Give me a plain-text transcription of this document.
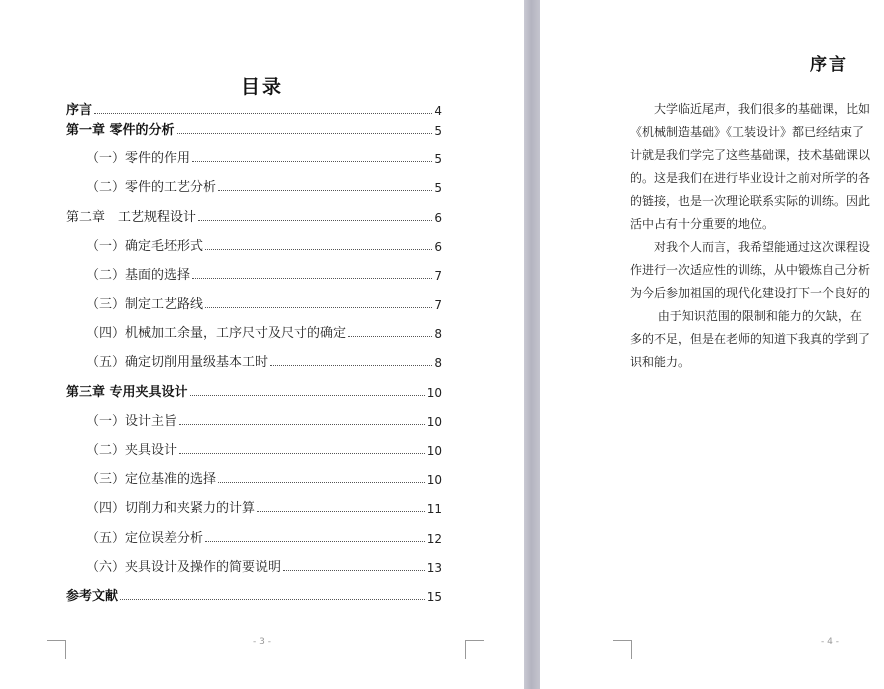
目录
序言	4
第一章 零件的分析	5
（一）零件的作用	5
（二）零件的工艺分析	5
第二章　工艺规程设计	6
（一）确定毛坯形式	6
（二）基面的选择	7
（三）制定工艺路线	7
（四）机械加工余量，工序尺寸及尺寸的确定	8
（五）确定切削用量级基本工时	8
第三章 专用夹具设计	10
（一）设计主旨	10
（二）夹具设计	10
（三）定位基准的选择	10
（四）切削力和夹紧力的计算	11
（五）定位误差分析	12
（六）夹具设计及操作的简要说明	13
参考文献	15
- 3 -
序言
　　大学临近尾声，我们很多的基础课，比如
《机械制造基础》《工装设计》都已经结束了
计就是我们学完了这些基础课，技术基础课以
的。这是我们在进行毕业设计之前对所学的各
的链接，也是一次理论联系实际的训练。因此
活中占有十分重要的地位。
　　对我个人而言，我希望能通过这次课程设
作进行一次适应性的训练，从中锻炼自己分析
为今后参加祖国的现代化建设打下一个良好的
　　 由于知识范围的限制和能力的欠缺，在
多的不足，但是在老师的知道下我真的学到了
识和能力。
- 4 -
